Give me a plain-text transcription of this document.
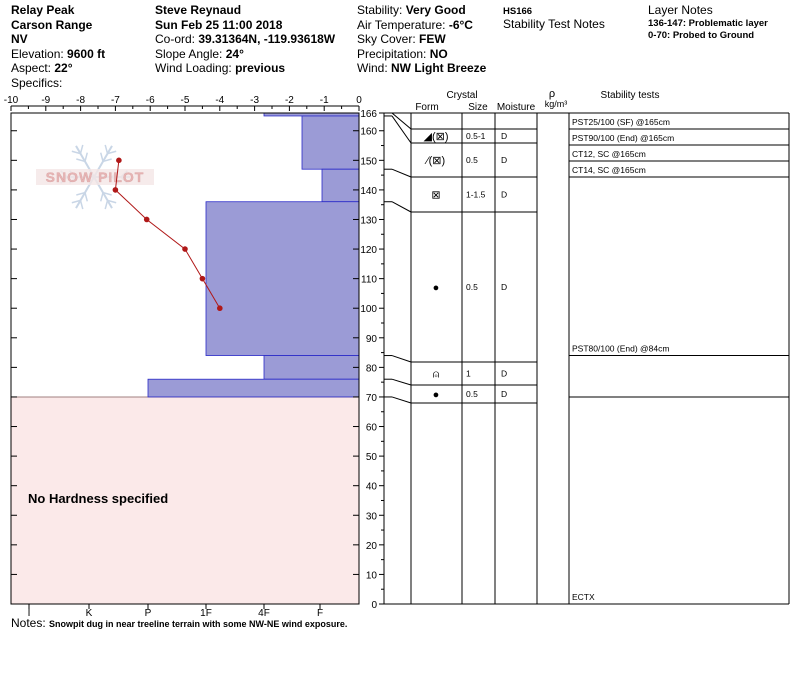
Relay Peak
Carson Range
NV
Elevation: 9600 ft
Aspect: 22°
Specifics:
Steve Reynaud
Sun Feb 25 11:00 2018
Co-ord: 39.31364N, -119.93618W
Slope Angle: 24°
Wind Loading: previous
Stability: Very Good
Air Temperature: -6°C
Sky Cover: FEW
Precipitation: NO
Wind: NW Light Breeze
HS166
Stability Test Notes
Layer Notes
136-147: Problematic layer
0-70: Probed to Ground
No Hardness specified
SNOW PILOT
-10 -9	-8	-7	-6	-5	-4	-3	-2	-1	0
I	K	P	1F	4F	F
0
10
20
30
40
50
60
70
80
90
100
110
120
130
140
150
160
166
Crystal
Form	Size Moisture
ρ
kg/m³
Stability tests
◢(⊠) 0.5-1 D
⁄(⊠) 0.5	D
⊠	1-1.5 D
●	0.5	D
⍝	1	D
●	0.5	D
PST25/100 (SF) @165cm
PST90/100 (End) @165cm
CT12, SC @165cm
CT14, SC @165cm
PST80/100 (End) @84cm
ECTX
Notes: Snowpit dug in near treeline terrain with some NW-NE wind exposure.
